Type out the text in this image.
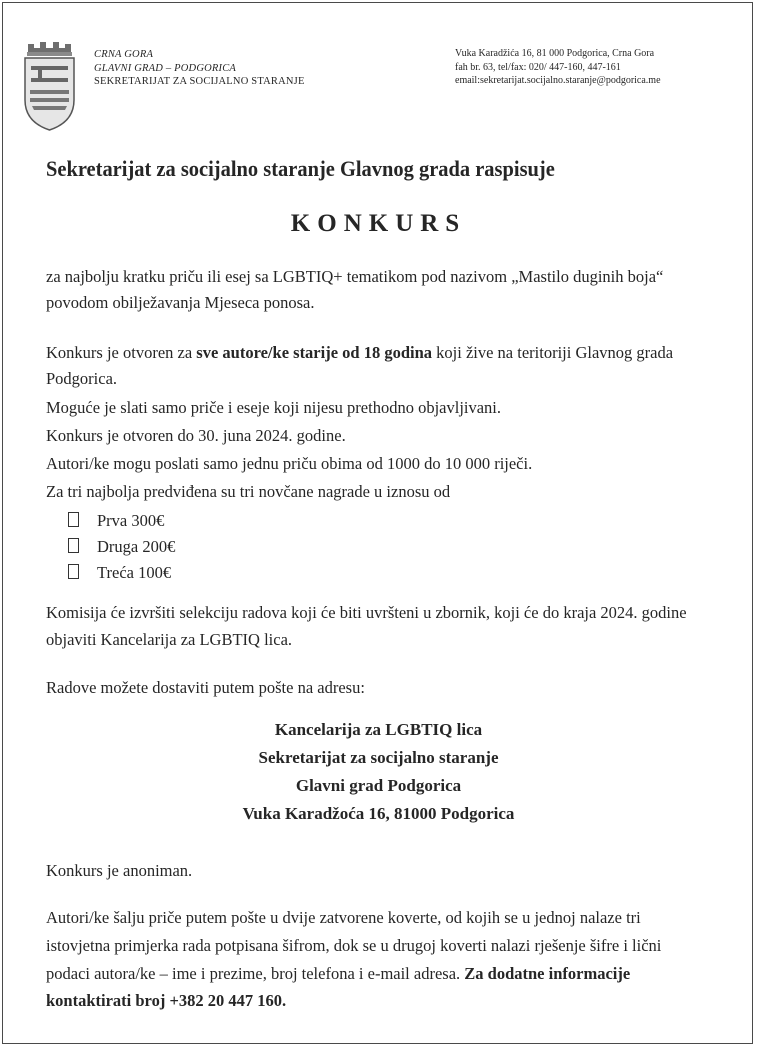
CRNA GORA
GLAVNI GRAD – PODGORICA
SEKRETARIJAT ZA SOCIJALNO STARANJE
Vuka Karadžića 16, 81 000 Podgorica, Crna Gora
fah br. 63, tel/fax: 020/ 447-160, 447-161
email:sekretarijat.socijalno.staranje@podgorica.me
Sekretarijat za socijalno staranje Glavnog grada raspisuje
KONKURS
za najbolju kratku priču ili esej sa LGBTIQ+ tematikom pod nazivom „Mastilo duginih boja“
povodom obilježavanja Mjeseca ponosa.
Konkurs je otvoren za sve autore/ke starije od 18 godina koji žive na teritoriji Glavnog grada
Podgorica.
Moguće je slati samo priče i eseje koji nijesu prethodno objavljivani.
Konkurs je otvoren do 30. juna 2024. godine.
Autori/ke mogu poslati samo jednu priču obima od 1000 do 10 000 riječi.
Za tri najbolja predviđena su tri novčane nagrade u iznosu od
Prva 300€
Druga 200€
Treća 100€
Komisija će izvršiti selekciju radova koji će biti uvršteni u zbornik, koji će do kraja 2024. godine
objaviti Kancelarija za LGBTIQ lica.
Radove možete dostaviti putem pošte na adresu:
Kancelarija za LGBTIQ lica
Sekretarijat za socijalno staranje
Glavni grad Podgorica
Vuka Karadžoća 16, 81000 Podgorica
Konkurs je anoniman.
Autori/ke šalju priče putem pošte u dvije zatvorene koverte, od kojih se u jednoj nalaze tri
istovjetna primjerka rada potpisana šifrom, dok se u drugoj koverti nalazi rješenje šifre i lični
podaci autora/ke – ime i prezime, broj telefona i e-mail adresa. Za dodatne informacije
kontaktirati broj +382 20 447 160.
